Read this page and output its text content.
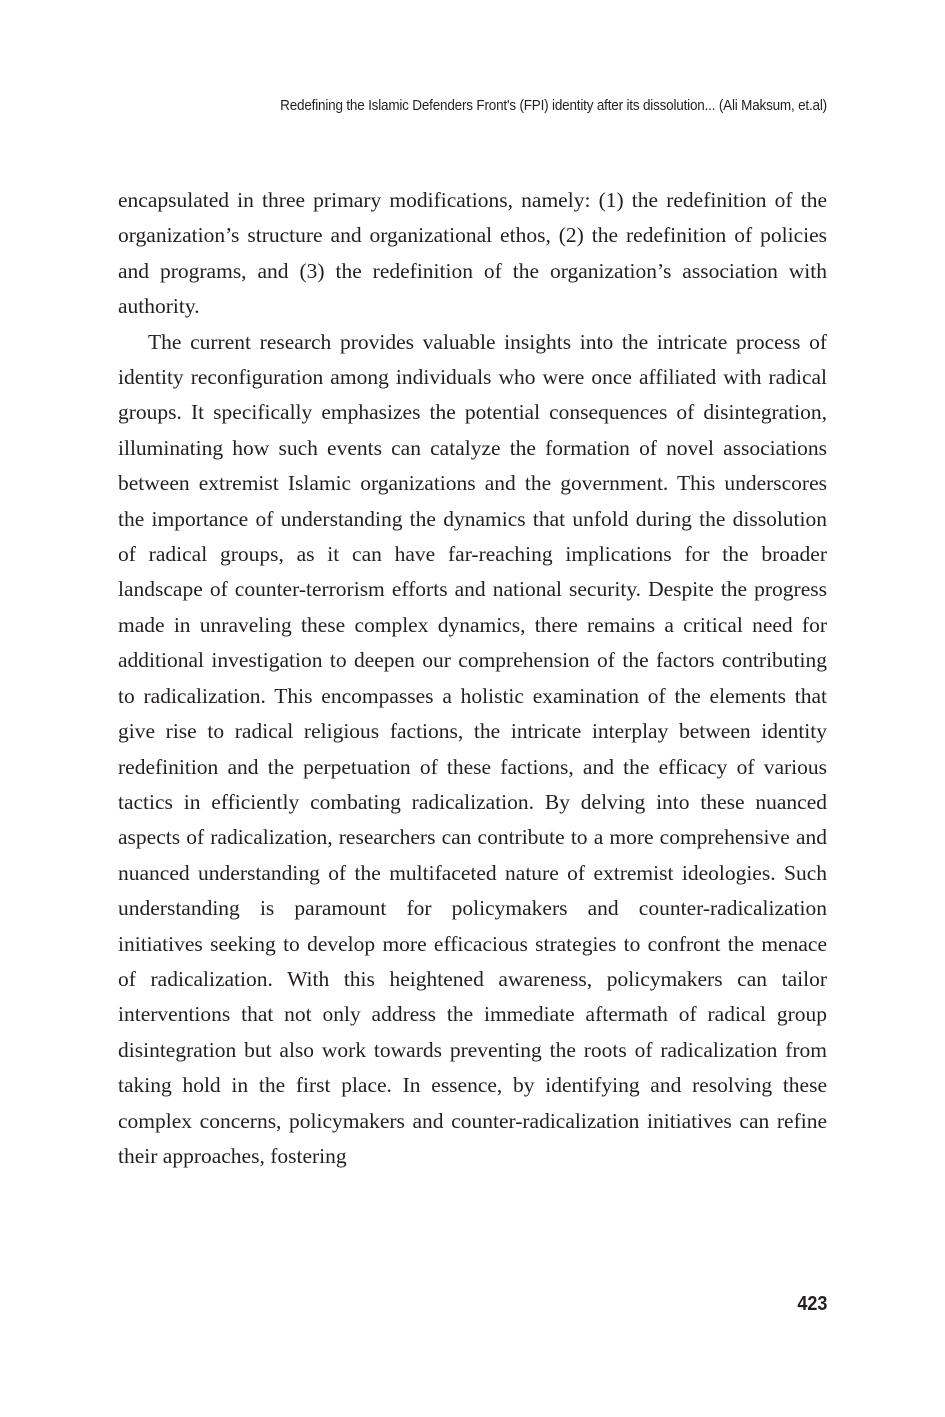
Redefining the Islamic Defenders Front's (FPI) identity after its dissolution... (Ali Maksum, et.al)

encapsulated in three primary modifications, namely: (1) the redefinition of the organization’s structure and organizational ethos, (2) the redefinition of policies and programs, and (3) the redefinition of the organization’s association with authority.

The current research provides valuable insights into the intricate process of identity reconfiguration among individuals who were once affiliated with radical groups. It specifically emphasizes the potential consequences of disintegration, illuminating how such events can catalyze the formation of novel associations between extremist Islamic organizations and the government. This underscores the importance of understanding the dynamics that unfold during the dissolution of radical groups, as it can have far-reaching implications for the broader landscape of counter-terrorism efforts and national security. Despite the progress made in unraveling these complex dynamics, there remains a critical need for additional investigation to deepen our comprehension of the factors contributing to radicalization. This encompasses a holistic examination of the elements that give rise to radical religious factions, the intricate interplay between identity redefinition and the perpetuation of these factions, and the efficacy of various tactics in efficiently combating radicalization. By delving into these nuanced aspects of radicalization, researchers can contribute to a more comprehensive and nuanced understanding of the multifaceted nature of extremist ideologies. Such understanding is paramount for policymakers and counter-radicalization initiatives seeking to develop more efficacious strategies to confront the menace of radicalization. With this heightened awareness, policymakers can tailor interventions that not only address the immediate aftermath of radical group disintegration but also work towards preventing the roots of radicalization from taking hold in the first place. In essence, by identifying and resolving these complex concerns, policymakers and counter-radicalization initiatives can refine their approaches, fostering

423
